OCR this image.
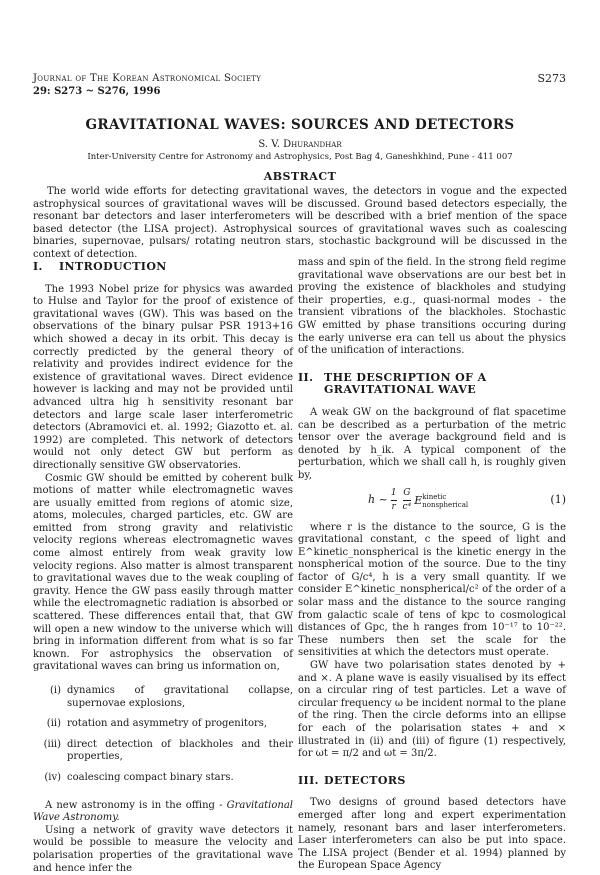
Journal of The Korean Astronomical Society
29: S273 ~ S276, 1996
S273
GRAVITATIONAL WAVES: SOURCES AND DETECTORS
S. V. Dhurandhar
Inter-University Centre for Astronomy and Astrophysics, Post Bag 4, Ganeshkhind, Pune - 411 007
ABSTRACT

The world wide efforts for detecting gravitational waves, the detectors in vogue and the expected astrophysical sources of gravitational waves will be discussed. Ground based detectors especially, the resonant bar detectors and laser interferometers will be described with a brief mention of the space based detector (the LISA project). Astrophysical sources of gravitational waves such as coalescing binaries, supernovae, pulsars/ rotating neutron stars, stochastic background will be discussed in the context of detection.

I.	INTRODUCTION

The 1993 Nobel prize for physics was awarded to Hulse and Taylor for the proof of existence of gravitational waves (GW). This was based on the observations of the binary pulsar PSR 1913+16 which showed a decay in its orbit. This decay is correctly predicted by the general theory of relativity and provides indirect evidence for the existence of gravitational waves. Direct evidence however is lacking and may not be provided until advanced ultra hig h sensitivity resonant bar detectors and large scale laser interferometric detectors (Abramovici et. al. 1992; Giazotto et. al. 1992) are completed. This network of detectors would not only detect GW but perform as directionally sensitive GW observatories.

Cosmic GW should be emitted by coherent bulk motions of matter while electromagnetic waves are usually emitted from regions of atomic size, atoms, molecules, charged particles, etc. GW are emitted from strong gravity and relativistic velocity regions whereas electromagnetic waves come almost entirely from weak gravity low velocity regions. Also matter is almost transparent to gravitational waves due to the weak coupling of gravity. Hence the GW pass easily through matter while the electromagnetic radiation is absorbed or scattered. These differences entail that, that GW will open a new window to the universe which will bring in information different from what is so far known. For astrophysics the observation of gravitational waves can bring us information on,

(i) dynamics of gravitational collapse, supernovae explosions,
(ii) rotation and asymmetry of progenitors,
(iii) direct detection of blackholes and their properties,
(iv) coalescing compact binary stars.

A new astronomy is in the offing - Gravitational Wave Astronomy.

Using a network of gravity wave detectors it would be possible to measure the velocity and polarisation properties of the gravitational wave and hence infer the

mass and spin of the field. In the strong field regime gravitational wave observations are our best bet in proving the existence of blackholes and studying their properties, e.g., quasi-normal modes - the transient vibrations of the blackholes. Stochastic GW emitted by phase transitions occuring during the early universe era can tell us about the physics of the unification of interactions.

II. THE DESCRIPTION OF A GRAVITATIONAL WAVE

A weak GW on the background of flat spacetime can be described as a perturbation of the metric tensor over the average background field and is denoted by h_ik. A typical component of the perturbation, which we shall call h, is roughly given by,

h ~ $\frac{1}{r} \frac{G}{\text{c⁴}}$ E kinetic
nonspherical	(1)

where r is the distance to the source, G is the gravitational constant, c the speed of light and E^kinetic_nonspherical is the kinetic energy in the nonspherical motion of the source. Due to the tiny factor of G/c⁴, h is a very small quantity. If we consider E^kinetic_nonspherical/c² of the order of a solar mass and the distance to the source ranging from galactic scale of tens of kpc to cosmological distances of Gpc, the h ranges from 10⁻¹⁷ to 10⁻²². These numbers then set the scale for the sensitivities at which the detectors must operate.

GW have two polarisation states denoted by + and ×. A plane wave is easily visualised by its effect on a circular ring of test particles. Let a wave of circular frequency ω be incident normal to the plane of the ring. Then the circle deforms into an ellipse for each of the polarisation states + and × illustrated in (ii) and (iii) of figure (1) respectively, for ωt = π/2 and ωt = 3π/2.

III. DETECTORS

Two designs of ground based detectors have emerged after long and expert experimentation namely, resonant bars and laser interferometers. Laser interferometers can also be put into space. The LISA project (Bender et al. 1994) planned by the European Space Agency
